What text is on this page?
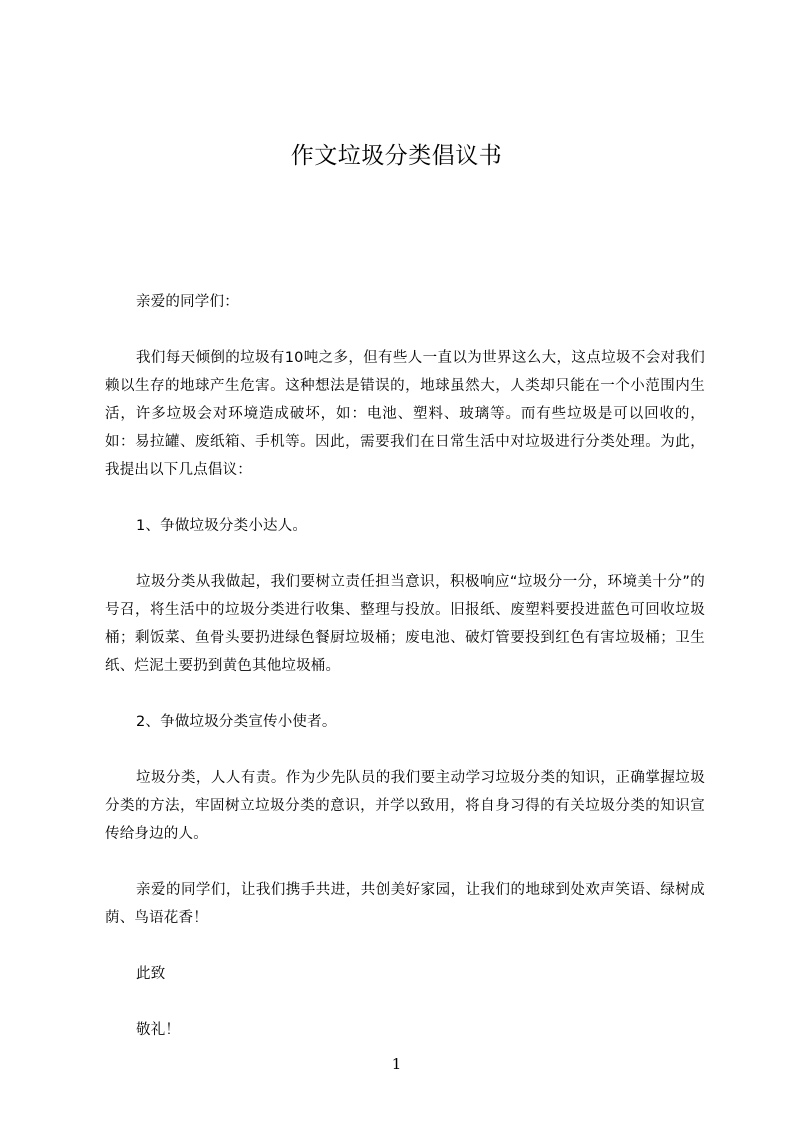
作文垃圾分类倡议书

亲爱的同学们：

我们每天倾倒的垃圾有10吨之多，但有些人一直以为世界这么大，这点垃圾不会对我们赖以生存的地球产生危害。这种想法是错误的，地球虽然大，人类却只能在一个小范围内生活，许多垃圾会对环境造成破坏，如：电池、塑料、玻璃等。而有些垃圾是可以回收的，如：易拉罐、废纸箱、手机等。因此，需要我们在日常生活中对垃圾进行分类处理。为此，我提出以下几点倡议：

1、争做垃圾分类小达人。

垃圾分类从我做起，我们要树立责任担当意识，积极响应“垃圾分一分，环境美十分”的号召，将生活中的垃圾分类进行收集、整理与投放。旧报纸、废塑料要投进蓝色可回收垃圾桶；剩饭菜、鱼骨头要扔进绿色餐厨垃圾桶；废电池、破灯管要投到红色有害垃圾桶；卫生纸、烂泥土要扔到黄色其他垃圾桶。

2、争做垃圾分类宣传小使者。

垃圾分类，人人有责。作为少先队员的我们要主动学习垃圾分类的知识，正确掌握垃圾分类的方法，牢固树立垃圾分类的意识，并学以致用，将自身习得的有关垃圾分类的知识宣传给身边的人。

亲爱的同学们，让我们携手共进，共创美好家园，让我们的地球到处欢声笑语、绿树成荫、鸟语花香！

此致

敬礼！

1
